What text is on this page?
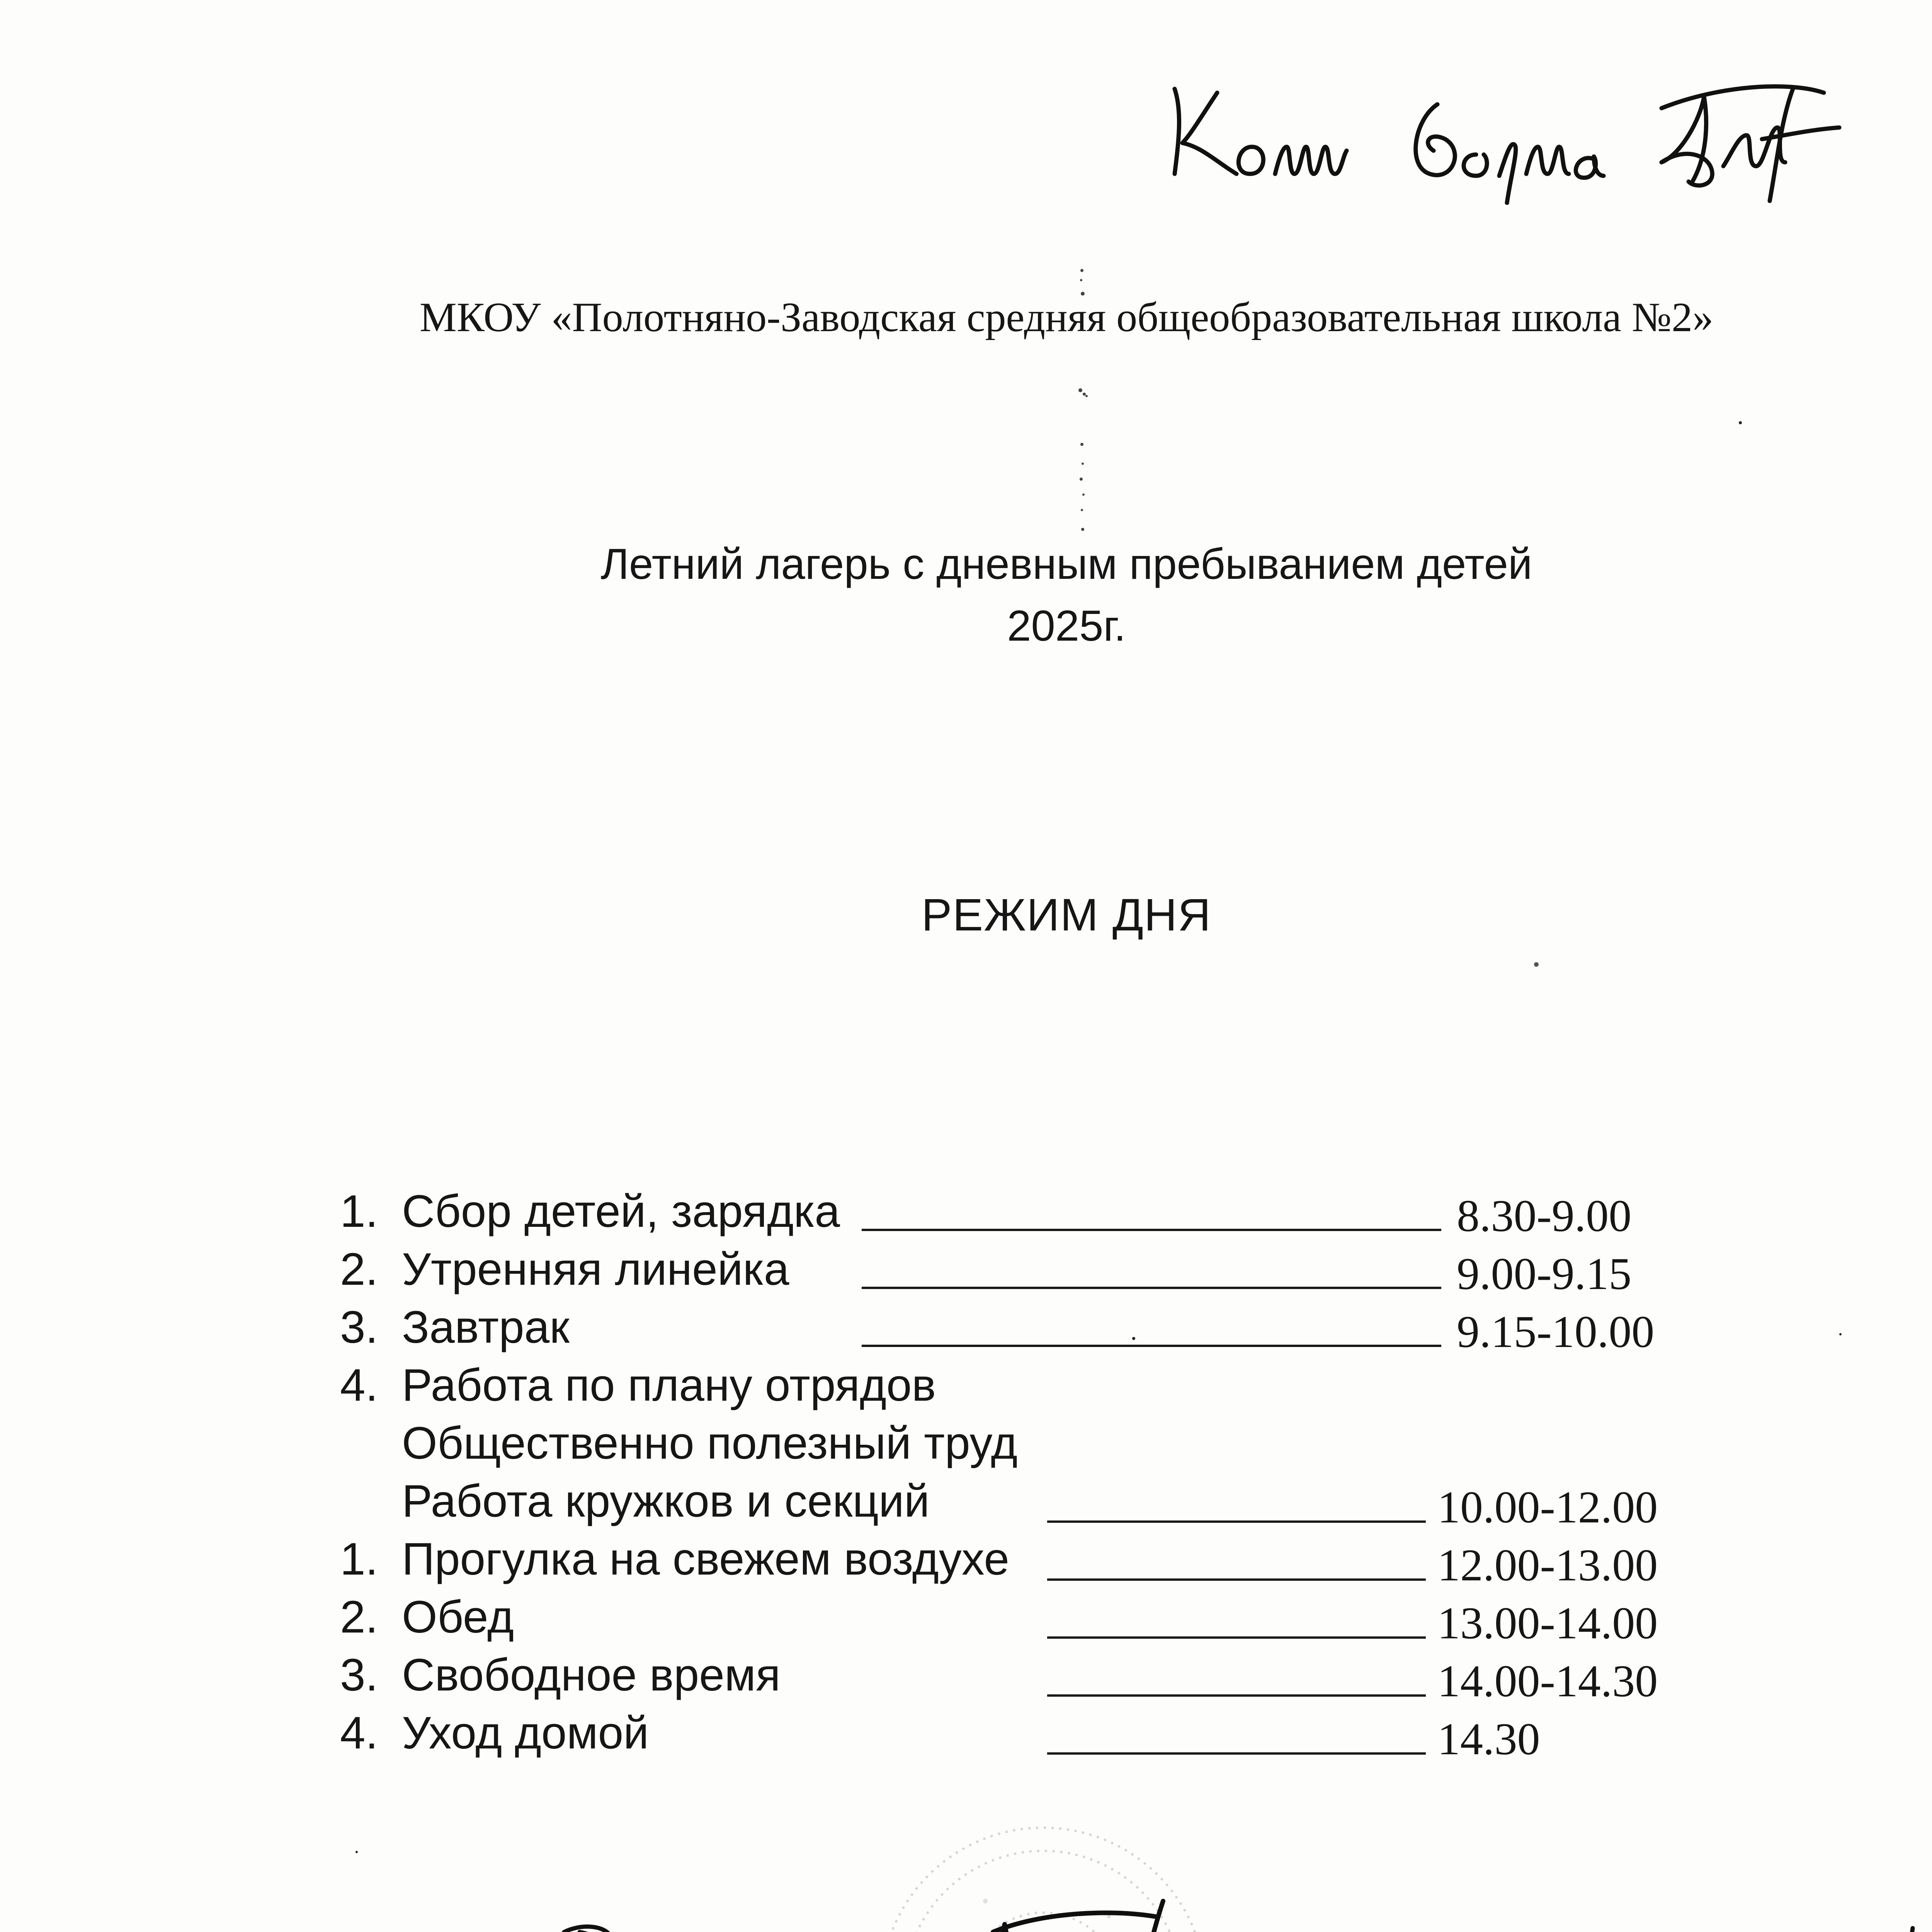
МКОУ «Полотняно-Заводская средняя общеобразовательная школа №2»
Летний лагерь с дневным пребыванием детей
2025г.
РЕЖИМ ДНЯ
1. Сбор детей, зарядка	8.30-9.00
2. Утренняя линейка	9.00-9.15
3. Завтрак	9.15-10.00
4. Работа по плану отрядов
Общественно полезный труд
Работа кружков и секций	10.00-12.00
1. Прогулка на свежем воздухе	12.00-13.00
2. Обед	13.00-14.00
3. Свободное время	14.00-14.30
4. Уход домой	14.30
